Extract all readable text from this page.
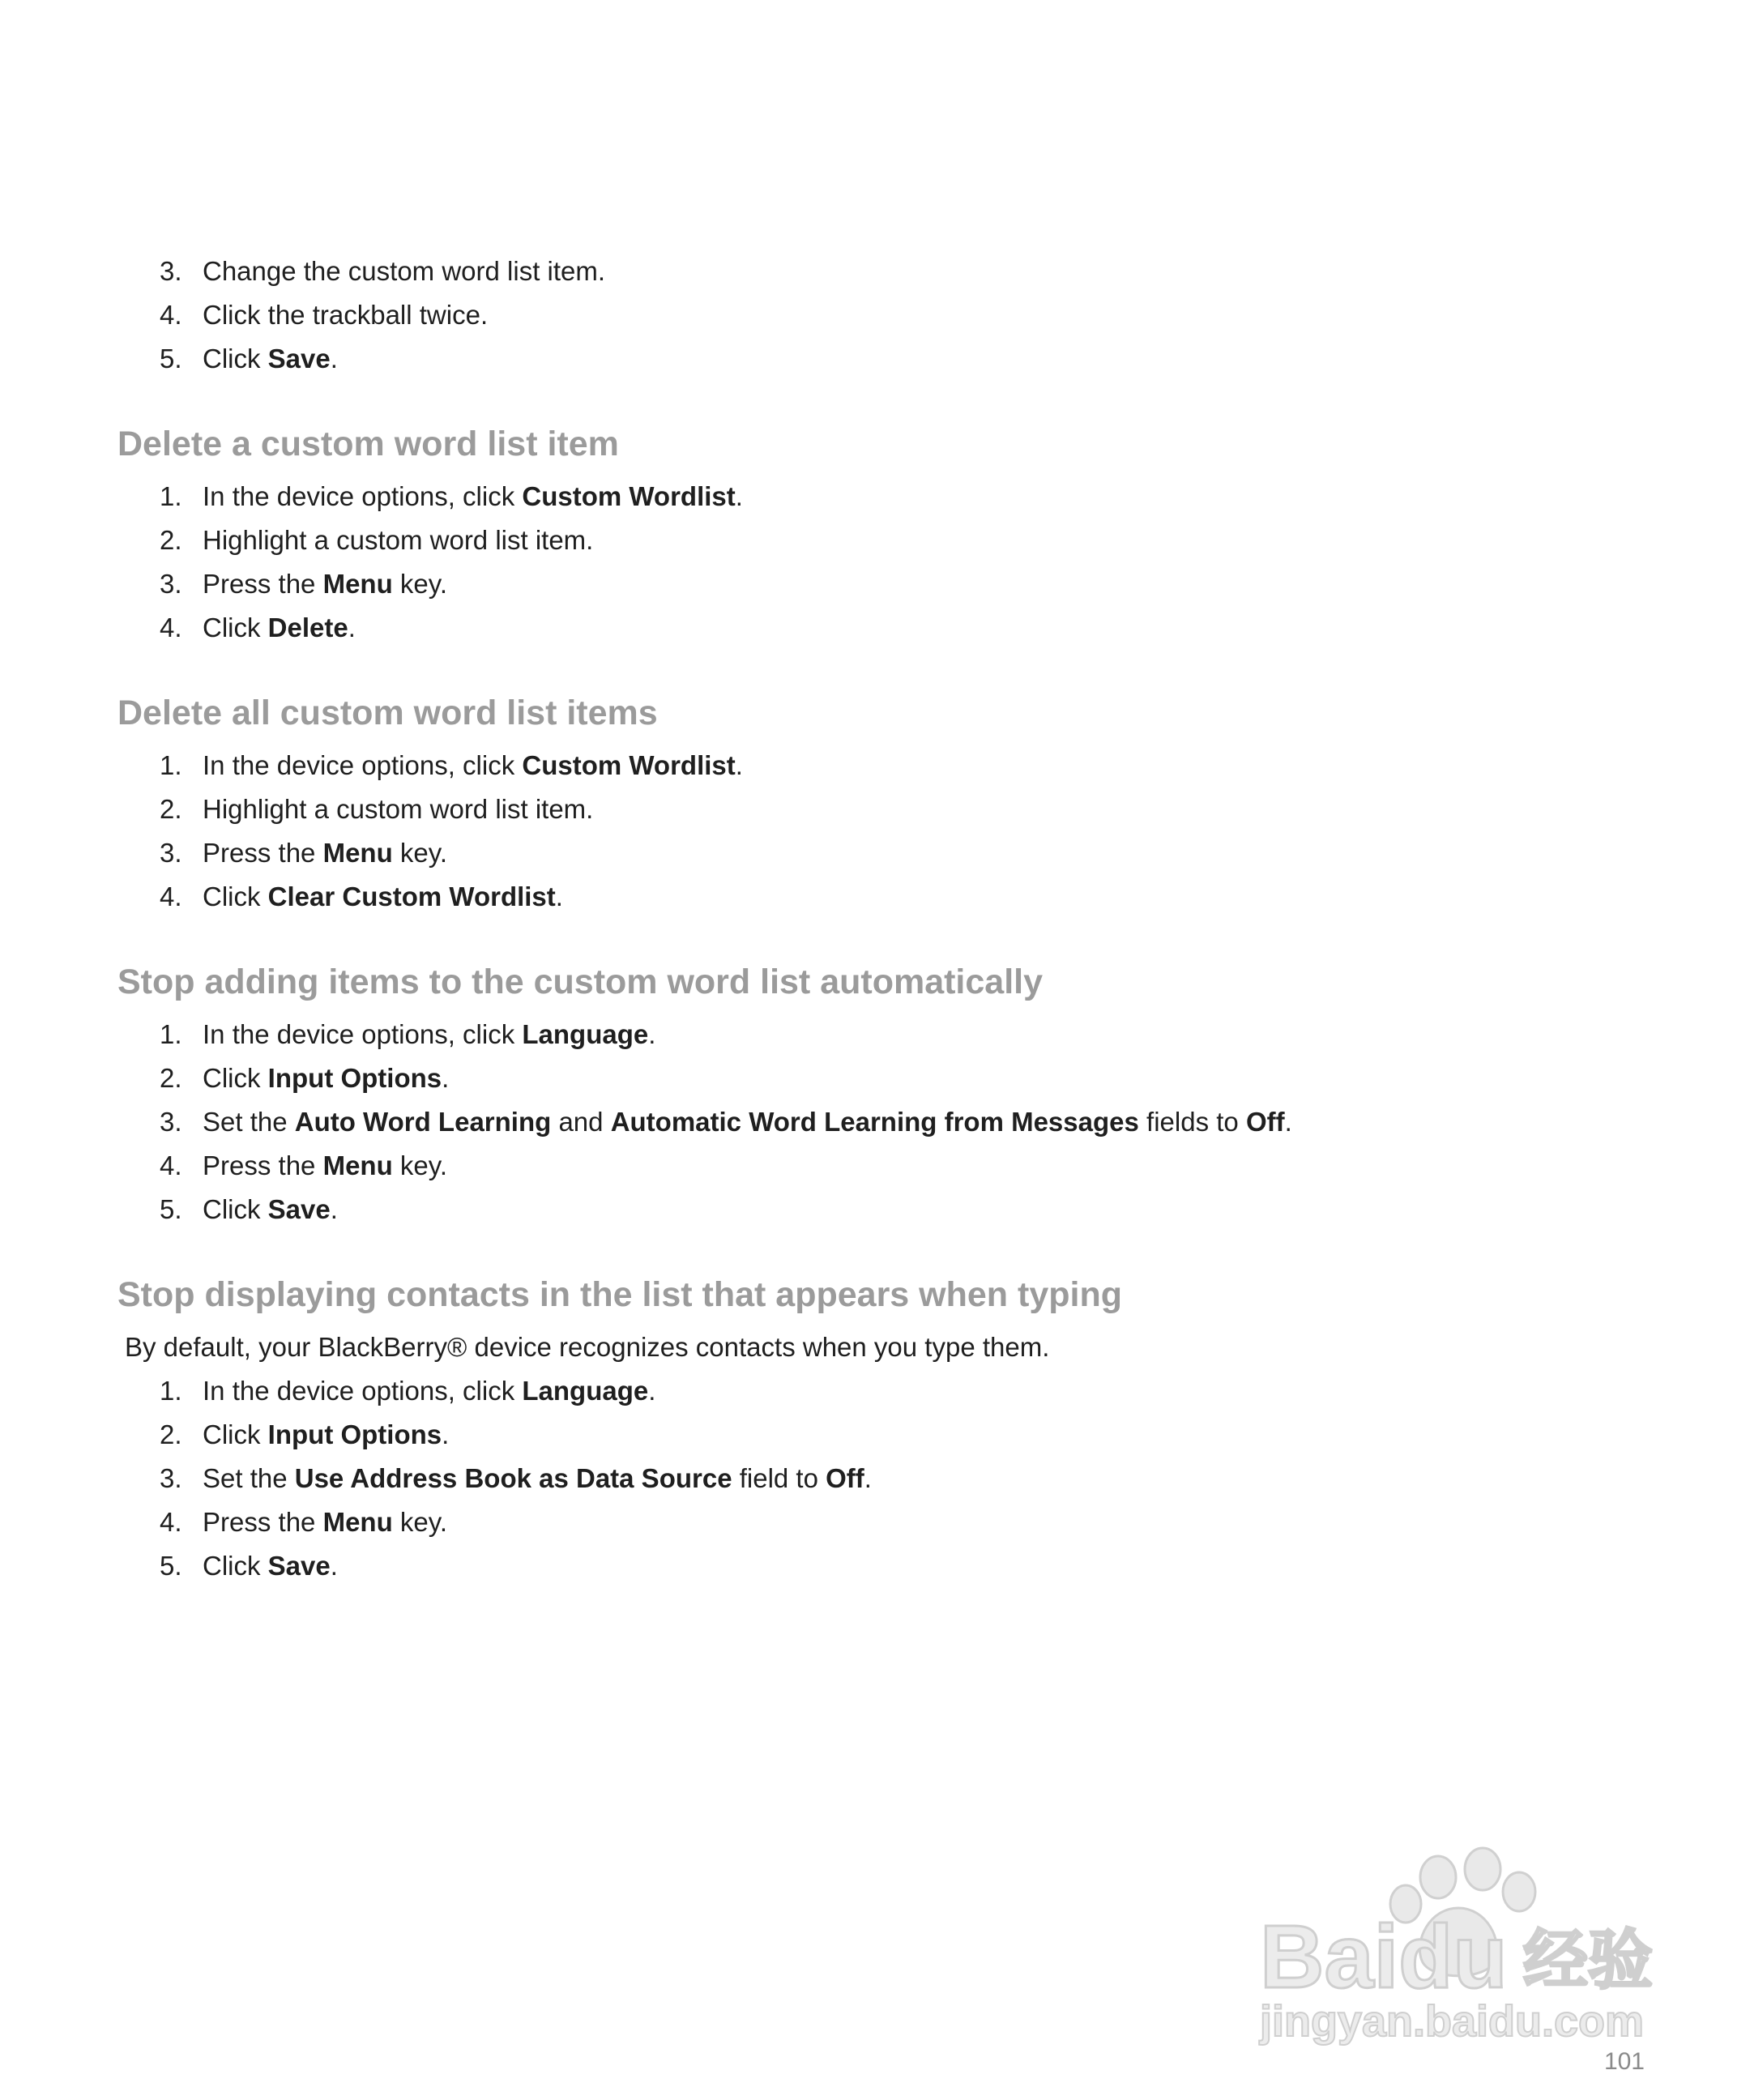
3. Change the custom word list item.
4. Click the trackball twice.
5. Click Save.
Delete a custom word list item
1. In the device options, click Custom Wordlist.
2. Highlight a custom word list item.
3. Press the Menu key.
4. Click Delete.
Delete all custom word list items
1. In the device options, click Custom Wordlist.
2. Highlight a custom word list item.
3. Press the Menu key.
4. Click Clear Custom Wordlist.
Stop adding items to the custom word list automatically
1. In the device options, click Language.
2. Click Input Options.
3. Set the Auto Word Learning and Automatic Word Learning from Messages fields to Off.
4. Press the Menu key.
5. Click Save.
Stop displaying contacts in the list that appears when typing

By default, your BlackBerry® device recognizes contacts when you type them.

1. In the device options, click Language.
2. Click Input Options.
3. Set the Use Address Book as Data Source field to Off.
4. Press the Menu key.
5. Click Save.
Baidu 经验
jingyan.baidu.com
101
